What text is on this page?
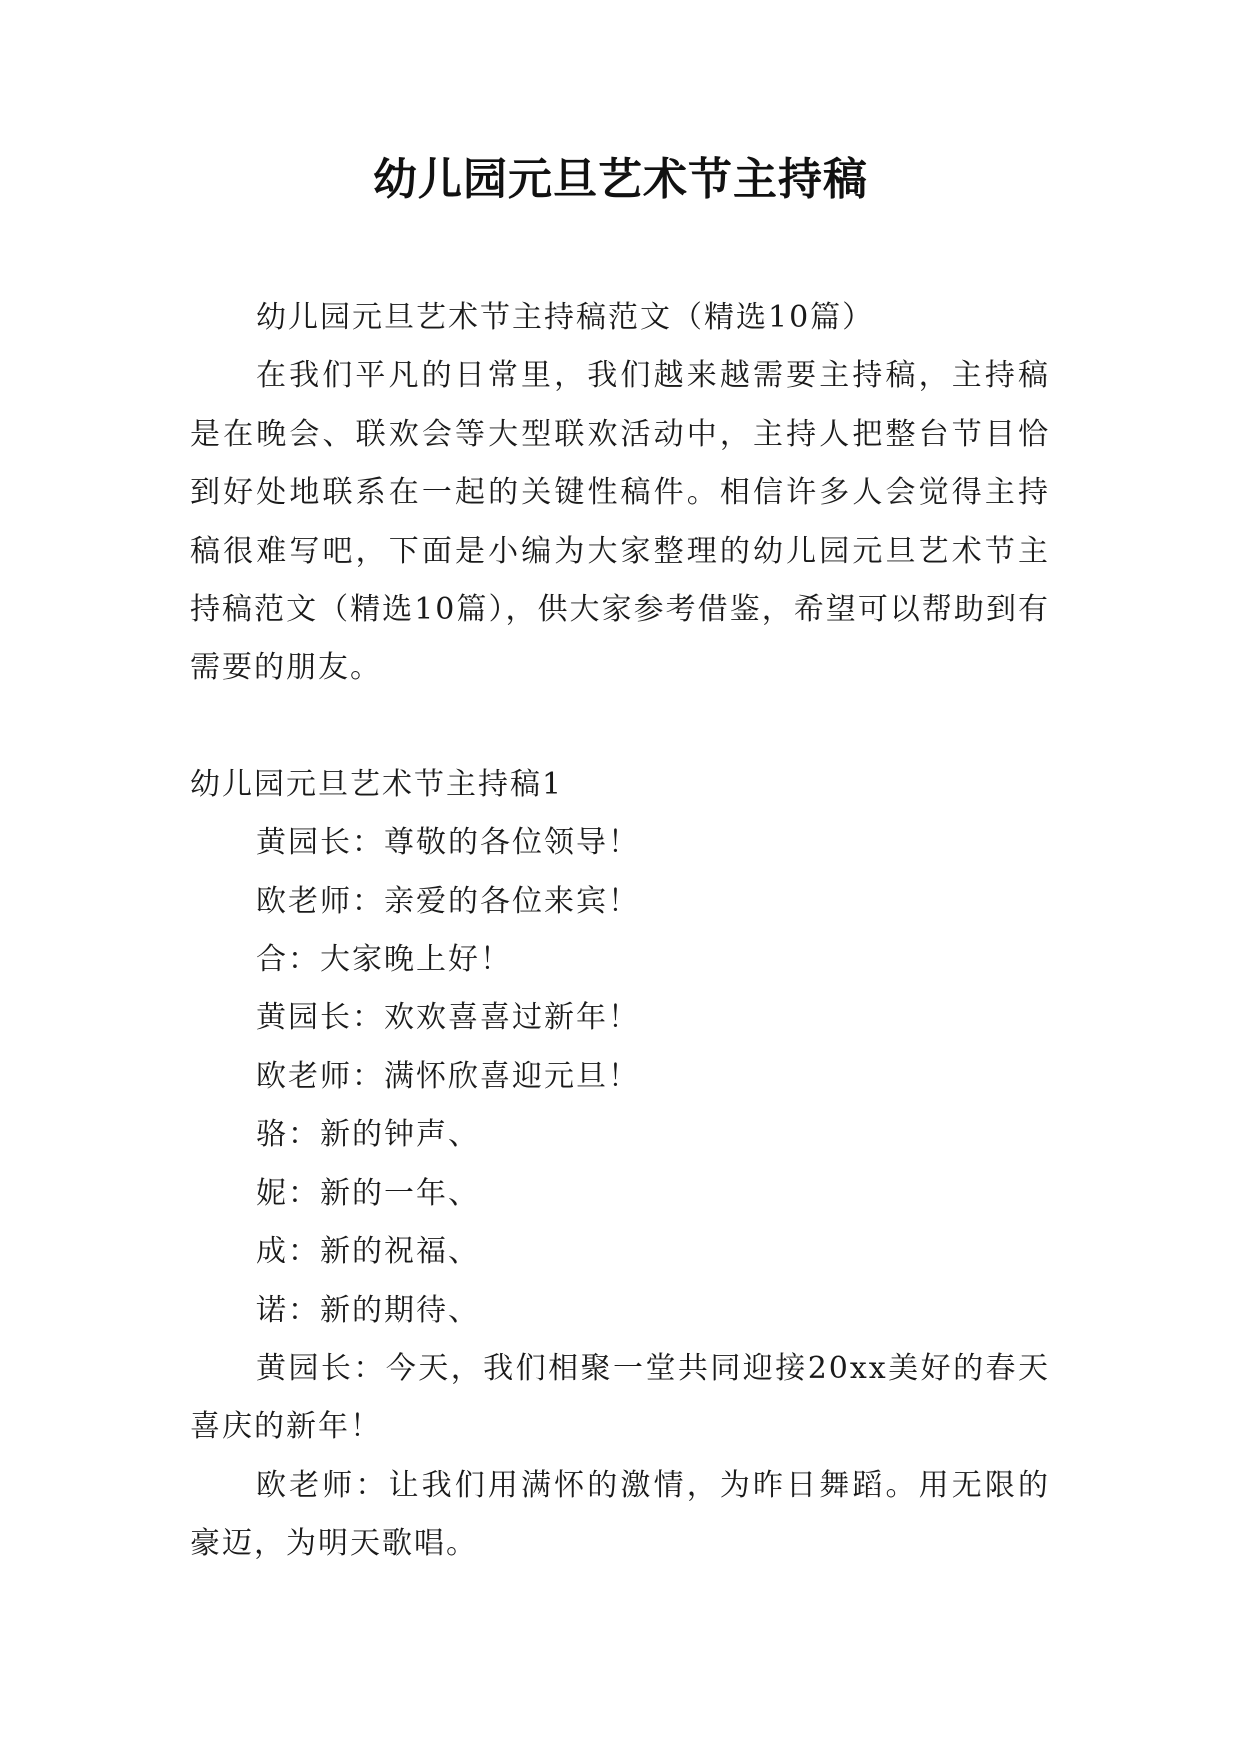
幼儿园元旦艺术节主持稿

幼儿园元旦艺术节主持稿范文（精选10篇）

在我们平凡的日常里，我们越来越需要主持稿，主持稿是在晚会、联欢会等大型联欢活动中，主持人把整台节目恰到好处地联系在一起的关键性稿件。相信许多人会觉得主持稿很难写吧，下面是小编为大家整理的幼儿园元旦艺术节主持稿范文（精选10篇），供大家参考借鉴，希望可以帮助到有需要的朋友。

幼儿园元旦艺术节主持稿1

黄园长：尊敬的各位领导！

欧老师：亲爱的各位来宾！

合：大家晚上好！

黄园长：欢欢喜喜过新年！

欧老师：满怀欣喜迎元旦！

骆：新的钟声、

妮：新的一年、

成：新的祝福、

诺：新的期待、

黄园长：今天，我们相聚一堂共同迎接20xx美好的春天喜庆的新年！

欧老师：让我们用满怀的激情，为昨日舞蹈。用无限的豪迈，为明天歌唱。
